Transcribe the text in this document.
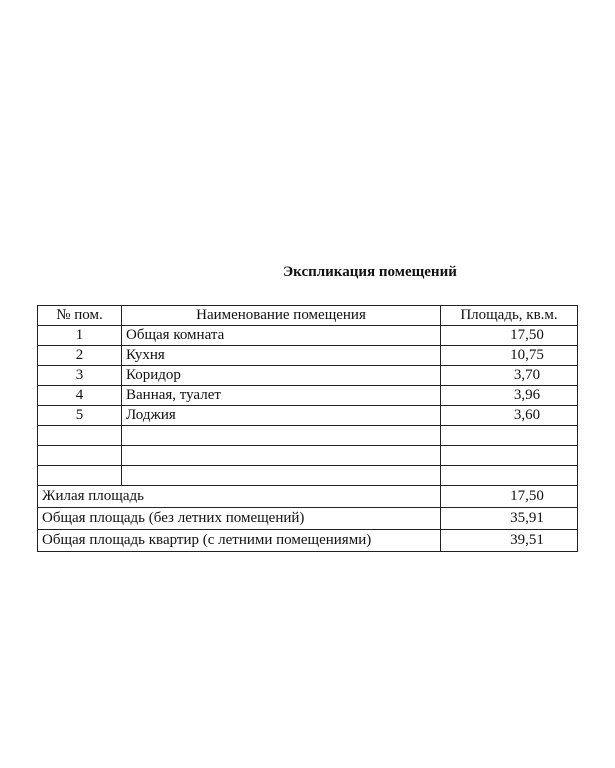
Экспликация помещений
№ пом.	Наименование помещения	Площадь, кв.м.
1	Общая комната	17,50
2	Кухня	10,75
3	Коридор	3,70
4	Ванная, туалет	3,96
5	Лоджия	3,60

Жилая площадь		17,50
Общая площадь (без летних помещений)		35,91
Общая площадь квартир (с летними помещениями)		39,51
